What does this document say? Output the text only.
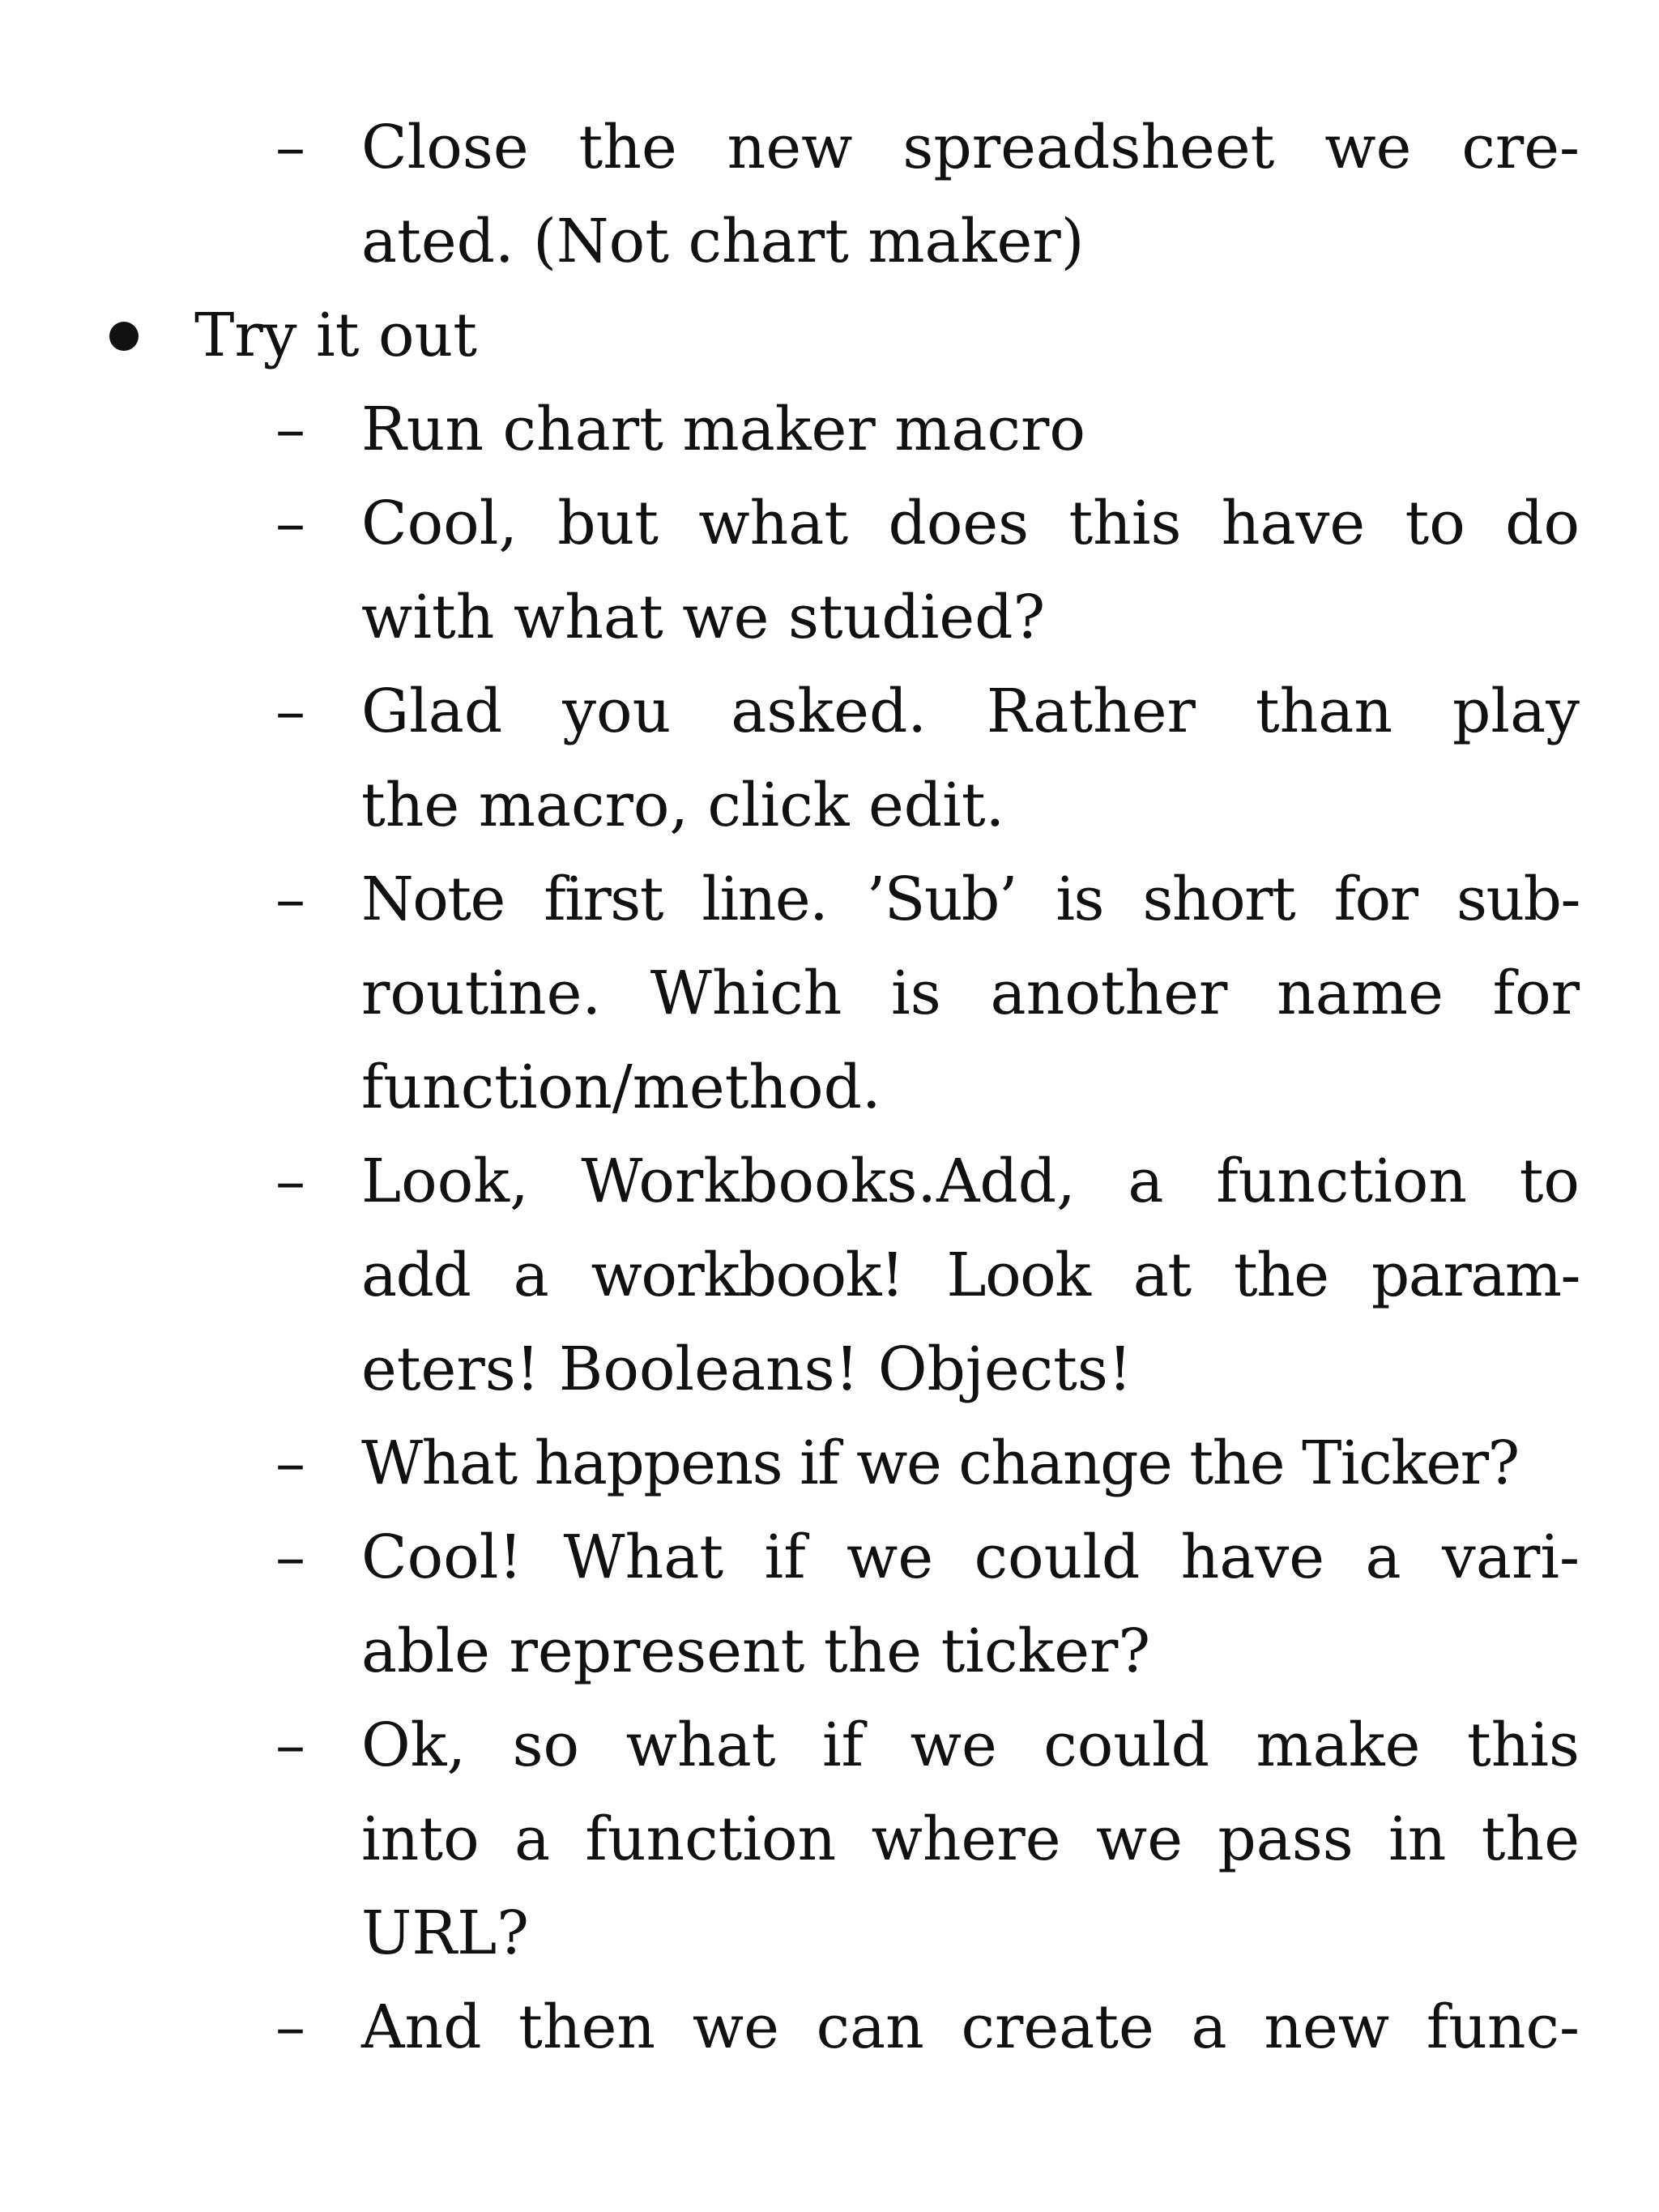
– Close the new spreadsheet we cre-
ated. (Not chart maker)
Try it out
– Run chart maker macro
– Cool, but what does this have to do
with what we studied?
– Glad you asked. Rather than play
the macro, click edit.
– Note first line. ’Sub’ is short for sub-
routine. Which is another name for
function/method.
– Look, Workbooks.Add, a function to
add a workbook! Look at the param-
eters! Booleans! Objects!
– What happens if we change the Ticker?
– Cool! What if we could have a vari-
able represent the ticker?
– Ok, so what if we could make this
into a function where we pass in the
URL?
– And then we can create a new func-
